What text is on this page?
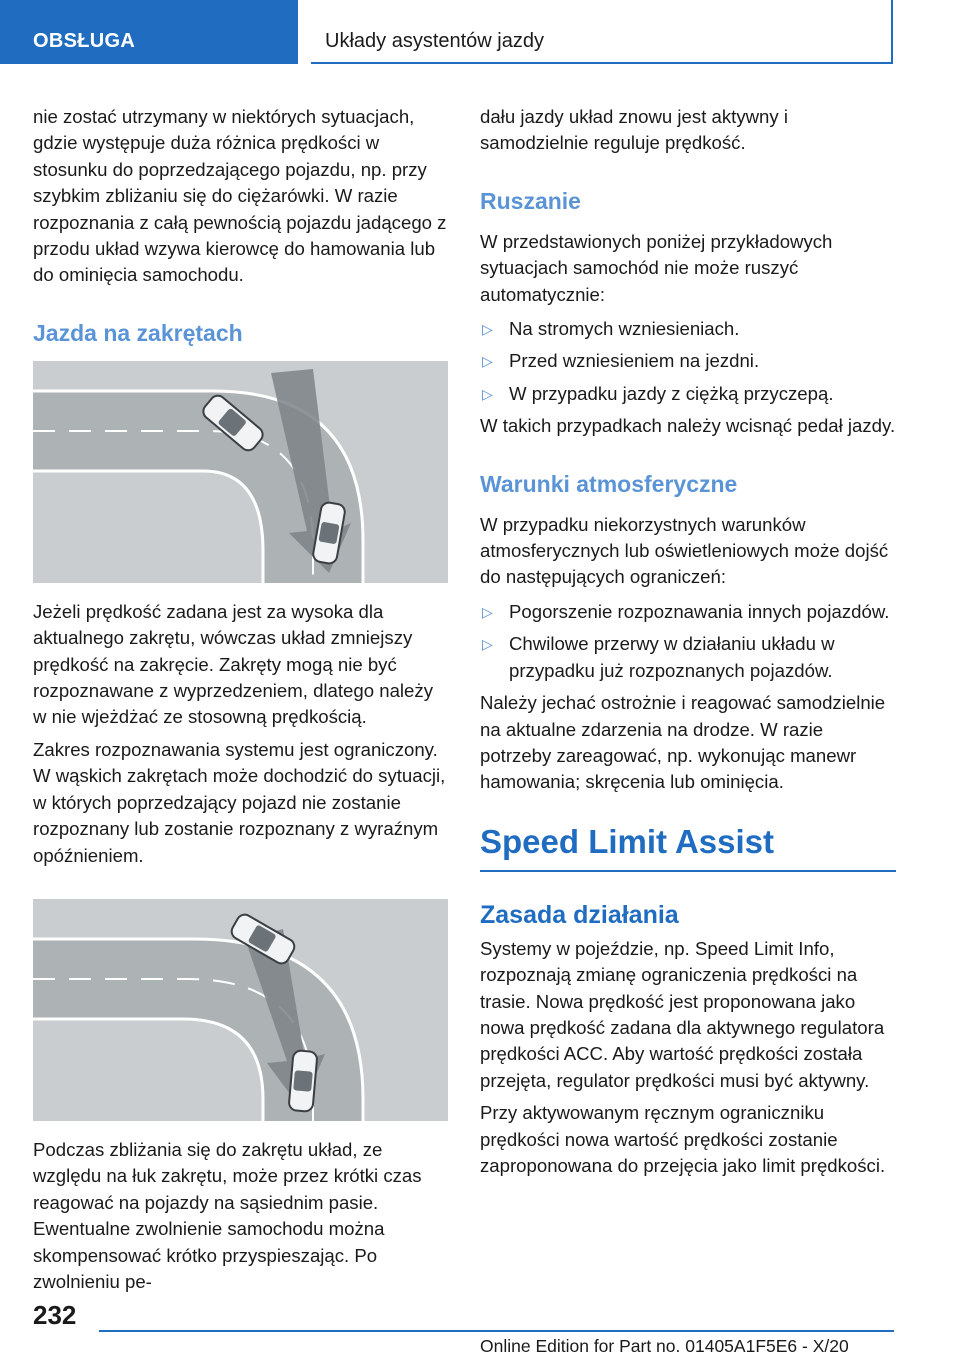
OBSŁUGA	Układy asystentów jazdy

nie zostać utrzymany w niektórych sytuacjach, gdzie występuje duża różnica prędkości w stosunku do poprzedzającego pojazdu, np. przy szybkim zbliżaniu się do ciężarówki. W razie rozpoznania z całą pewnością pojazdu jadącego z przodu układ wzywa kierowcę do hamowania lub do ominięcia samochodu.

Jazda na zakrętach

Jeżeli prędkość zadana jest za wysoka dla aktualnego zakrętu, wówczas układ zmniejszy prędkość na zakręcie. Zakręty mogą nie być rozpoznawane z wyprzedzeniem, dlatego należy w nie wjeżdżać ze stosowną prędkością.

Zakres rozpoznawania systemu jest ograniczony. W wąskich zakrętach może dochodzić do sytuacji, w których poprzedzający pojazd nie zostanie rozpoznany lub zostanie rozpoznany z wyraźnym opóźnieniem.

Podczas zbliżania się do zakrętu układ, ze względu na łuk zakrętu, może przez krótki czas reagować na pojazdy na sąsiednim pasie. Ewentualne zwolnienie samochodu można skompensować krótko przyspieszając. Po zwolnieniu pe-

dału jazdy układ znowu jest aktywny i samodzielnie reguluje prędkość.

Ruszanie

W przedstawionych poniżej przykładowych sytuacjach samochód nie może ruszyć automatycznie:

▷ Na stromych wzniesieniach.
▷ Przed wzniesieniem na jezdni.
▷ W przypadku jazdy z ciężką przyczepą.

W takich przypadkach należy wcisnąć pedał jazdy.

Warunki atmosferyczne

W przypadku niekorzystnych warunków atmosferycznych lub oświetleniowych może dojść do następujących ograniczeń:

▷ Pogorszenie rozpoznawania innych pojazdów.
▷ Chwilowe przerwy w działaniu układu w przypadku już rozpoznanych pojazdów.

Należy jechać ostrożnie i reagować samodzielnie na aktualne zdarzenia na drodze. W razie potrzeby zareagować, np. wykonując manewr hamowania; skręcenia lub ominięcia.

Speed Limit Assist
Zasada działania

Systemy w pojeździe, np. Speed Limit Info, rozpoznają zmianę ograniczenia prędkości na trasie. Nowa prędkość jest proponowana jako nowa prędkość zadana dla aktywnego regulatora prędkości ACC. Aby wartość prędkości została przejęta, regulator prędkości musi być aktywny.

Przy aktywowanym ręcznym ograniczniku prędkości nowa wartość prędkości zostanie zaproponowana do przejęcia jako limit prędkości.

232
Online Edition for Part no. 01405A1F5E6 - X/20
